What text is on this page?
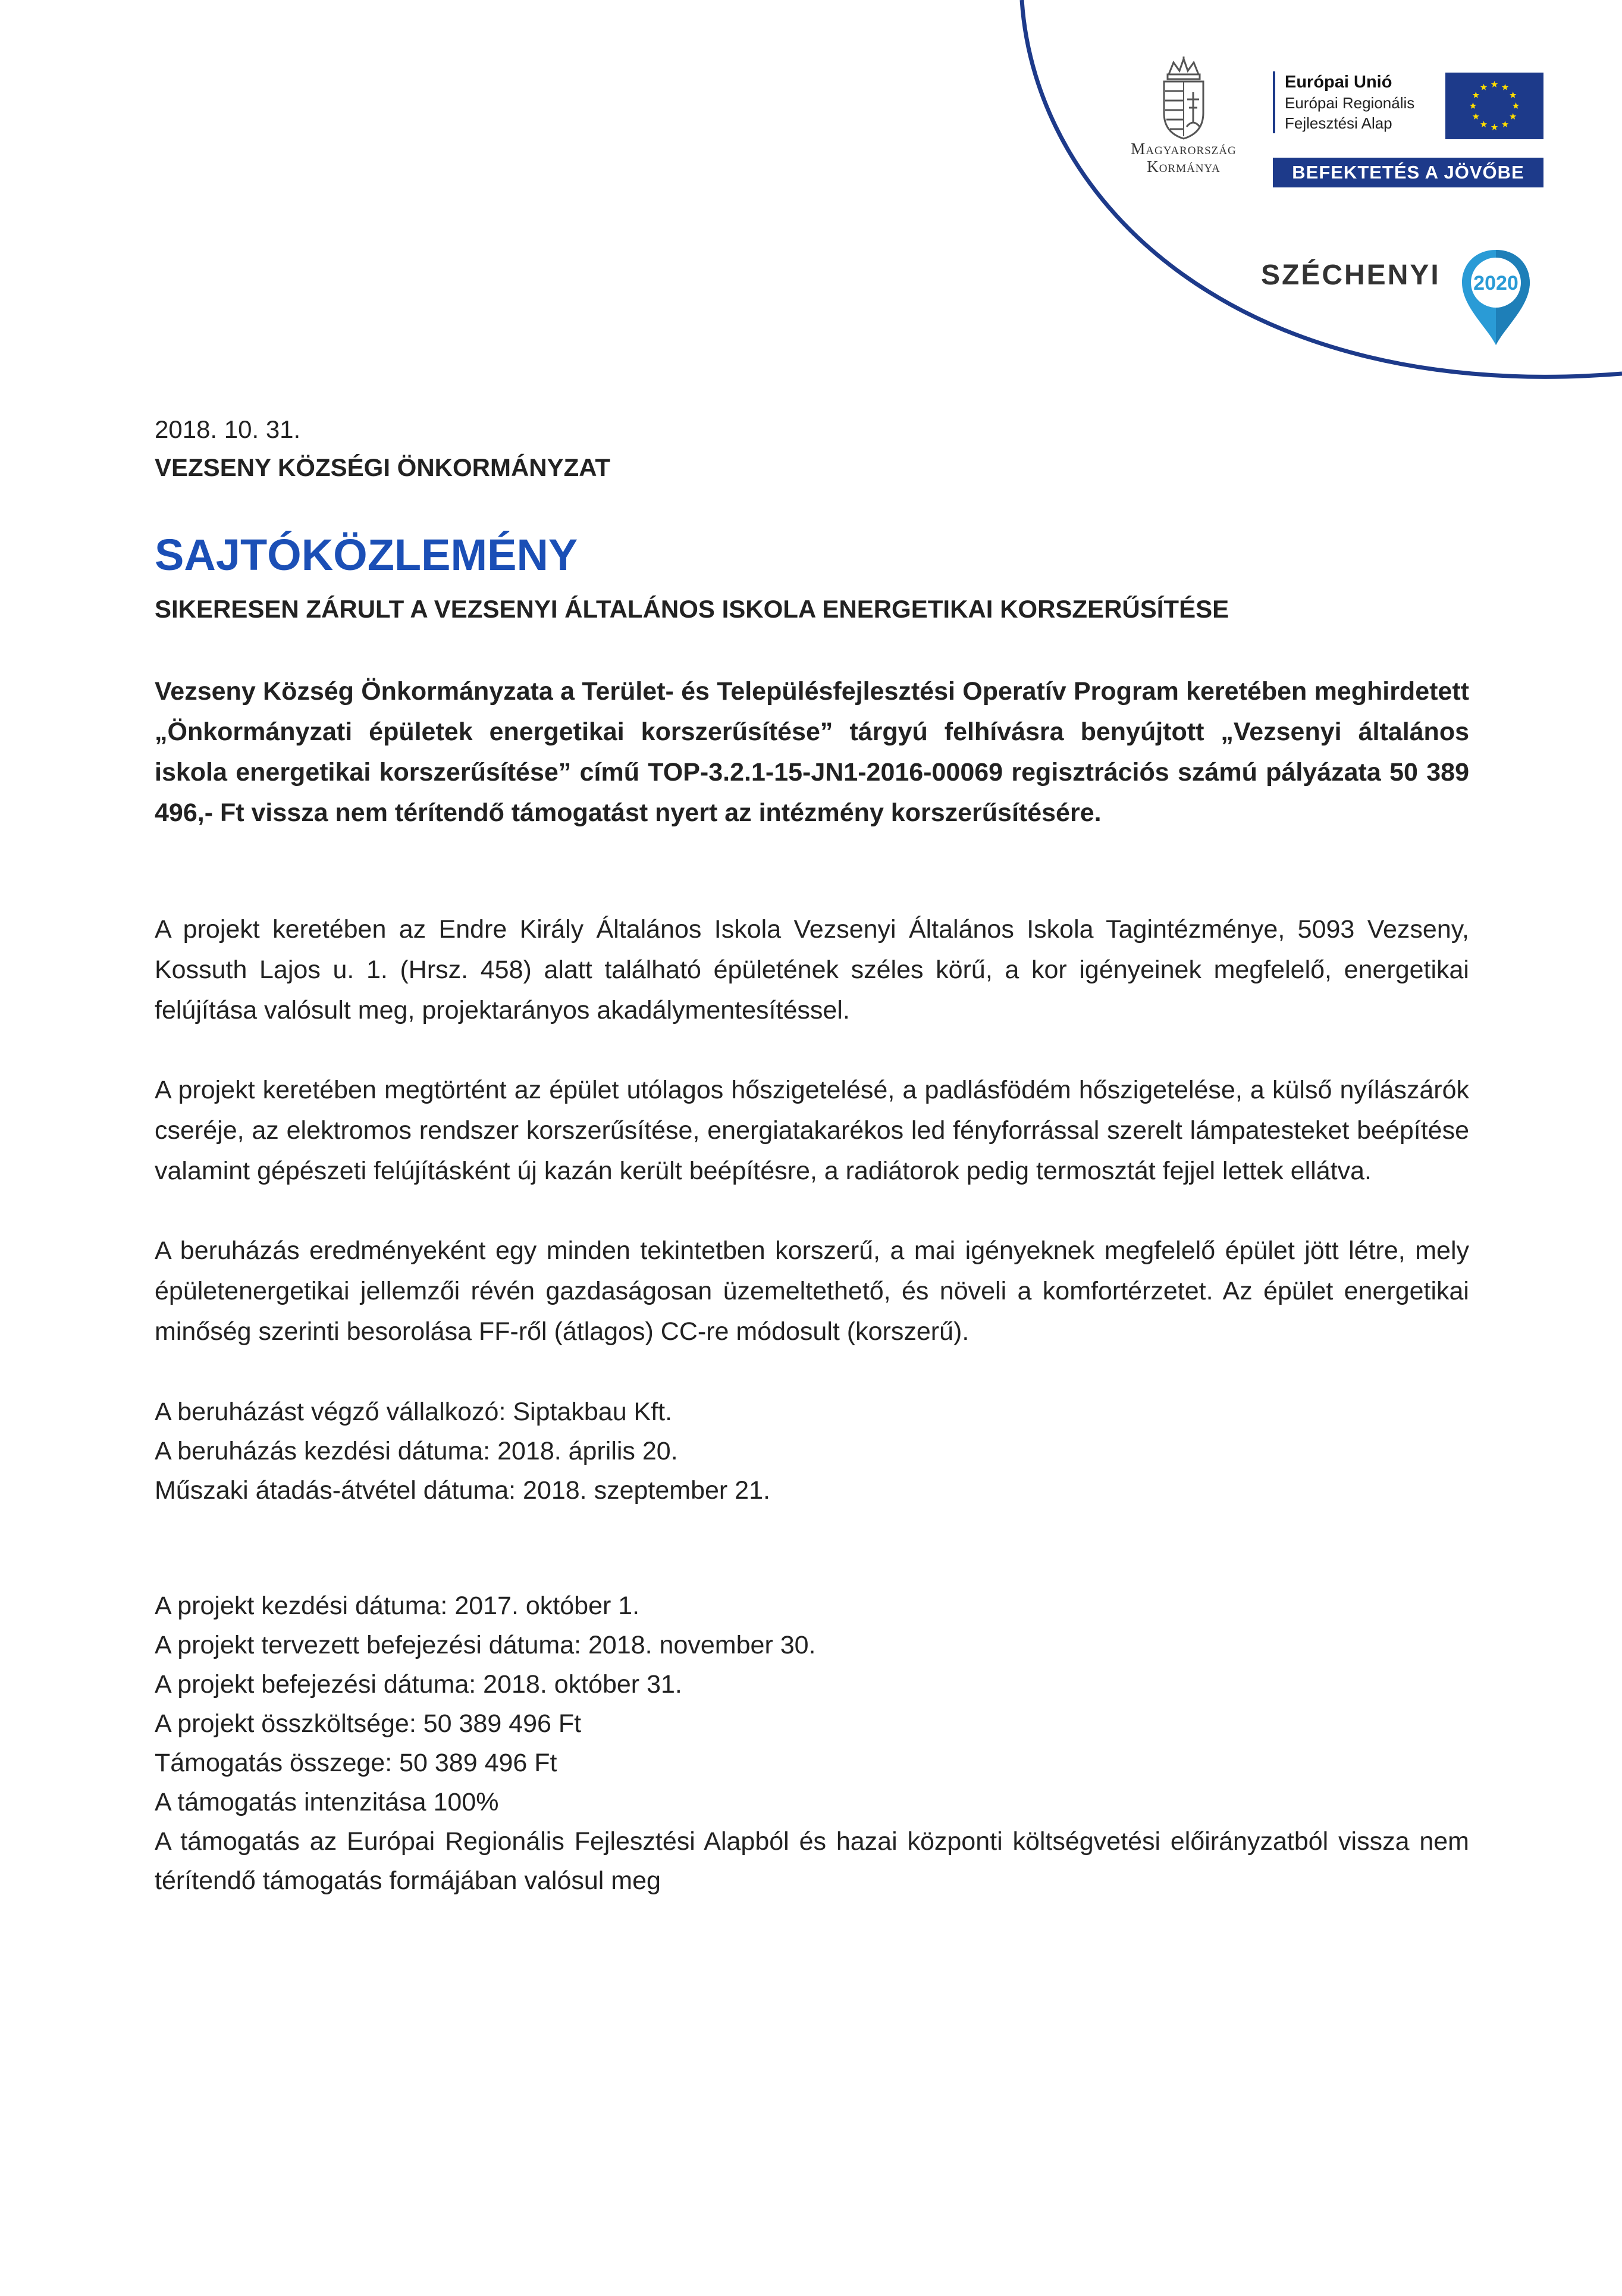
Magyarország
Kormánya
Európai Unió
Európai Regionális
Fejlesztési Alap
BEFEKTETÉS A JÖVŐBE
SZÉCHENYI 2020
2018. 10. 31.
VEZSENY KÖZSÉGI ÖNKORMÁNYZAT
SAJTÓKÖZLEMÉNY
SIKERESEN ZÁRULT A VEZSENYI ÁLTALÁNOS ISKOLA ENERGETIKAI KORSZERŰSÍTÉSE
Vezseny Község Önkormányzata a Terület- és Településfejlesztési Operatív Program keretében meghirdetett „Önkormányzati épületek energetikai korszerűsítése” tárgyú felhívásra benyújtott „Vezsenyi általános iskola energetikai korszerűsítése” című TOP-3.2.1-15-JN1-2016-00069 regisztrációs számú pályázata 50 389 496,- Ft vissza nem térítendő támogatást nyert az intézmény korszerűsítésére.
A projekt keretében az Endre Király Általános Iskola Vezsenyi Általános Iskola Tagintézménye, 5093 Vezseny, Kossuth Lajos u. 1. (Hrsz. 458) alatt található épületének széles körű, a kor igényeinek megfelelő, energetikai felújítása valósult meg, projektarányos akadálymentesítéssel.
A projekt keretében megtörtént az épület utólagos hőszigetelésé, a padlásfödém hőszigetelése, a külső nyílászárók cseréje, az elektromos rendszer korszerűsítése, energiatakarékos led fényforrással szerelt lámpatesteket beépítése valamint gépészeti felújításként új kazán került beépítésre, a radiátorok pedig termosztát fejjel lettek ellátva.
A beruházás eredményeként egy minden tekintetben korszerű, a mai igényeknek megfelelő épület jött létre, mely épületenergetikai jellemzői révén gazdaságosan üzemeltethető, és növeli a komfortérzetet. Az épület energetikai minőség szerinti besorolása FF-ről (átlagos) CC-re módosult (korszerű).
A beruházást végző vállalkozó: Siptakbau Kft.
A beruházás kezdési dátuma: 2018. április 20.
Műszaki átadás-átvétel dátuma: 2018. szeptember 21.
A projekt kezdési dátuma: 2017. október 1.
A projekt tervezett befejezési dátuma: 2018. november 30.
A projekt befejezési dátuma: 2018. október 31.
A projekt összköltsége: 50 389 496 Ft
Támogatás összege: 50 389 496 Ft
A támogatás intenzitása 100%
A támogatás az Európai Regionális Fejlesztési Alapból és hazai központi költségvetési előirányzatból vissza nem térítendő támogatás formájában valósul meg
